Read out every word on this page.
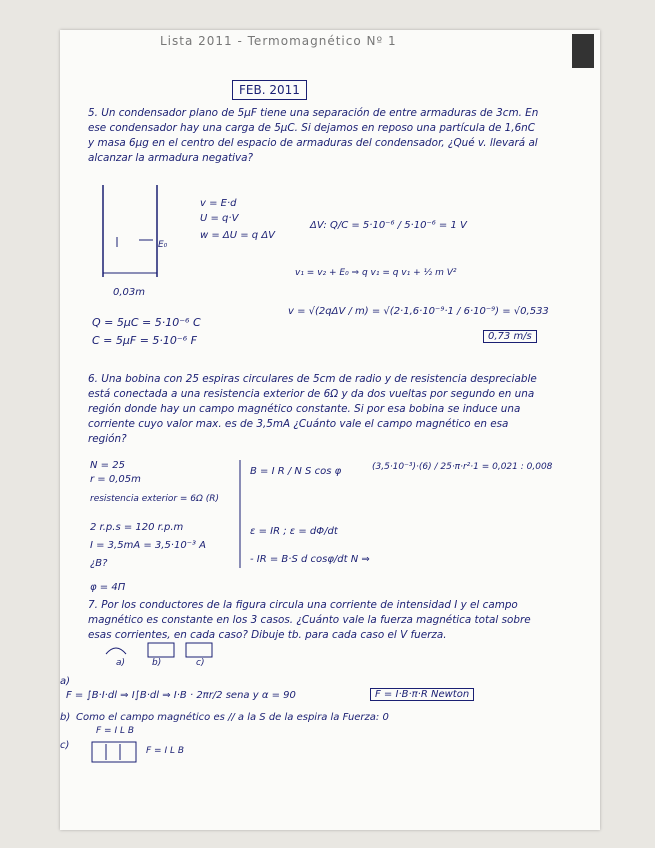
Lista 2011 - Termomagnético Nº 1
FEB. 2011
5. Un condensador plano de 5μF tiene una separación de entre armaduras de 3cm. En ese condensador hay una carga de 5μC. Si dejamos en reposo una partícula de 1,6nC y masa 6μg en el centro del espacio de armaduras del condensador, ¿Qué v. llevará al alcanzar la armadura negativa?
0,03m
E₀
v = E·d
U = q·V
w = ΔU = q ΔV
ΔV: Q/C = 5·10⁻⁶ / 5·10⁻⁶ = 1 V
v₁ = v₂ + E₀ ⇒ q v₁ = q v₁ + ½ m V²
v = √(2qΔV / m) = √(2·1,6·10⁻⁹·1 / 6·10⁻⁹) = √0,533
0,73 m/s
Q = 5μC = 5·10⁻⁶ C
C = 5μF = 5·10⁻⁶ F
6. Una bobina con 25 espiras circulares de 5cm de radio y de resistencia despreciable está conectada a una resistencia exterior de 6Ω y da dos vueltas por segundo en una región donde hay un campo magnético constante. Si por esa bobina se induce una corriente cuyo valor max. es de 3,5mA ¿Cuánto vale el campo magnético en esa región?
N = 25
r = 0,05m
resistencia exterior = 6Ω (R)
2 r.p.s = 120 r.p.m
I = 3,5mA = 3,5·10⁻³ A
¿B?
φ = 4Π
B = I R / N S cos φ	(3,5·10⁻³)·(6) / 25·π·r²·1 = 0,021 : 0,008
ε = IR ; ε = dΦ/dt
- IR = B·S d cosφ/dt N ⇒
7. Por los conductores de la figura circula una corriente de intensidad I y el campo magnético es constante en los 3 casos. ¿Cuánto vale la fuerza magnética total sobre esas corrientes, en cada caso? Dibuje tb. para cada caso el V fuerza.
a)	b)	c)
a)
F = ∫B·I·dl ⇒ I∫B·dl ⇒ I·B · 2πr/2 sena y α = 90	F = I·B·π·R Newton
b) Como el campo magnético es // a la S de la espira la Fuerza: 0
c)
F = I L B
F = I L B
